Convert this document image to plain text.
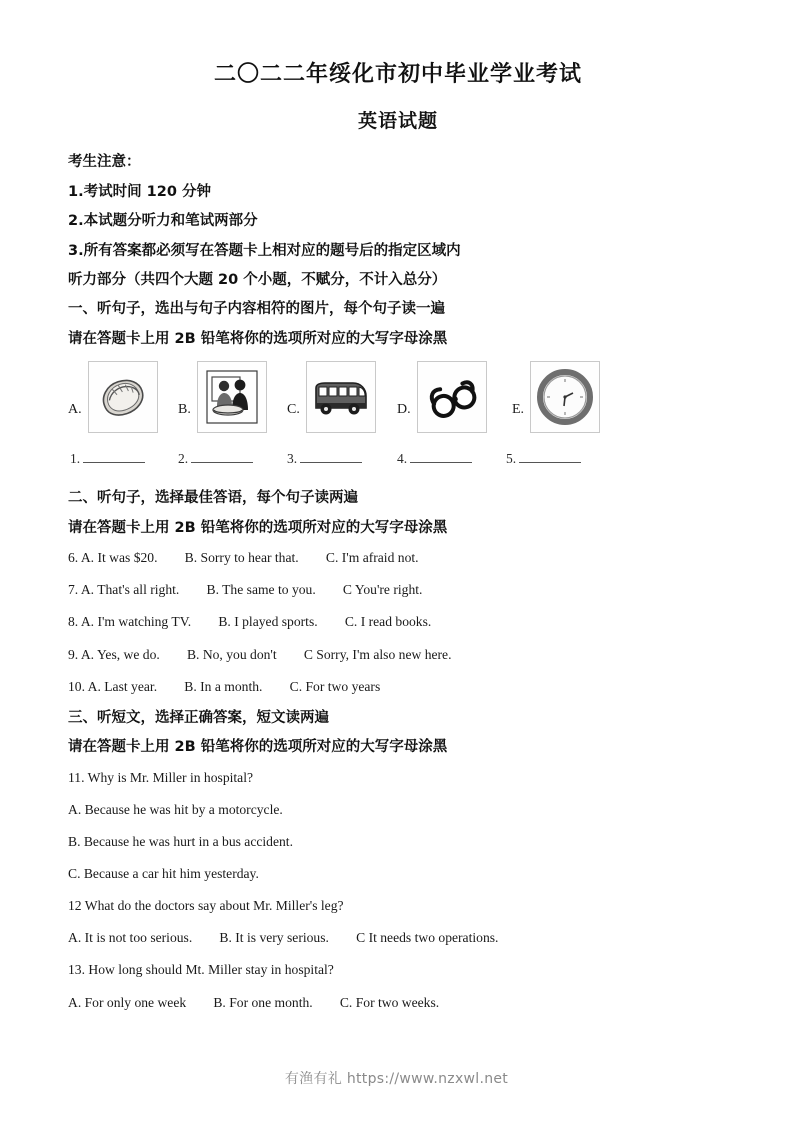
二〇二二年绥化市初中毕业学业考试
英语试题
考生注意：
1.考试时间 120 分钟
2.本试题分听力和笔试两部分
3.所有答案都必须写在答题卡上相对应的题号后的指定区域内
听力部分（共四个大题 20 个小题，不赋分，不计入总分）
一、听句子，选出与句子内容相符的图片，每个句子读一遍
请在答题卡上用 2B 铅笔将你的选项所对应的大写字母涂黑
A.	B.	C.	D.	E.
1.	2.	3.	4.	5.
二、听句子，选择最佳答语，每个句子读两遍
请在答题卡上用 2B 铅笔将你的选项所对应的大写字母涂黑
6. A. It was $20.        B. Sorry to hear that.        C. I'm afraid not.
7. A. That's all right.        B. The same to you.        C You're right.
8. A. I'm watching TV.        B. I played sports.        C. I read books.
9. A. Yes, we do.        B. No, you don't        C Sorry, I'm also new here.
10. A. Last year.        B. In a month.        C. For two years
三、听短文，选择正确答案，短文读两遍
请在答题卡上用 2B 铅笔将你的选项所对应的大写字母涂黑
11. Why is Mr. Miller in hospital?
A. Because he was hit by a motorcycle.
B. Because he was hurt in a bus accident.
C. Because a car hit him yesterday.
12 What do the doctors say about Mr. Miller's leg?
A. It is not too serious.        B. It is very serious.        C It needs two operations.
13. How long should Mt. Miller stay in hospital?
A. For only one week        B. For one month.        C. For two weeks.
有渔有礼 https://www.nzxwl.net
